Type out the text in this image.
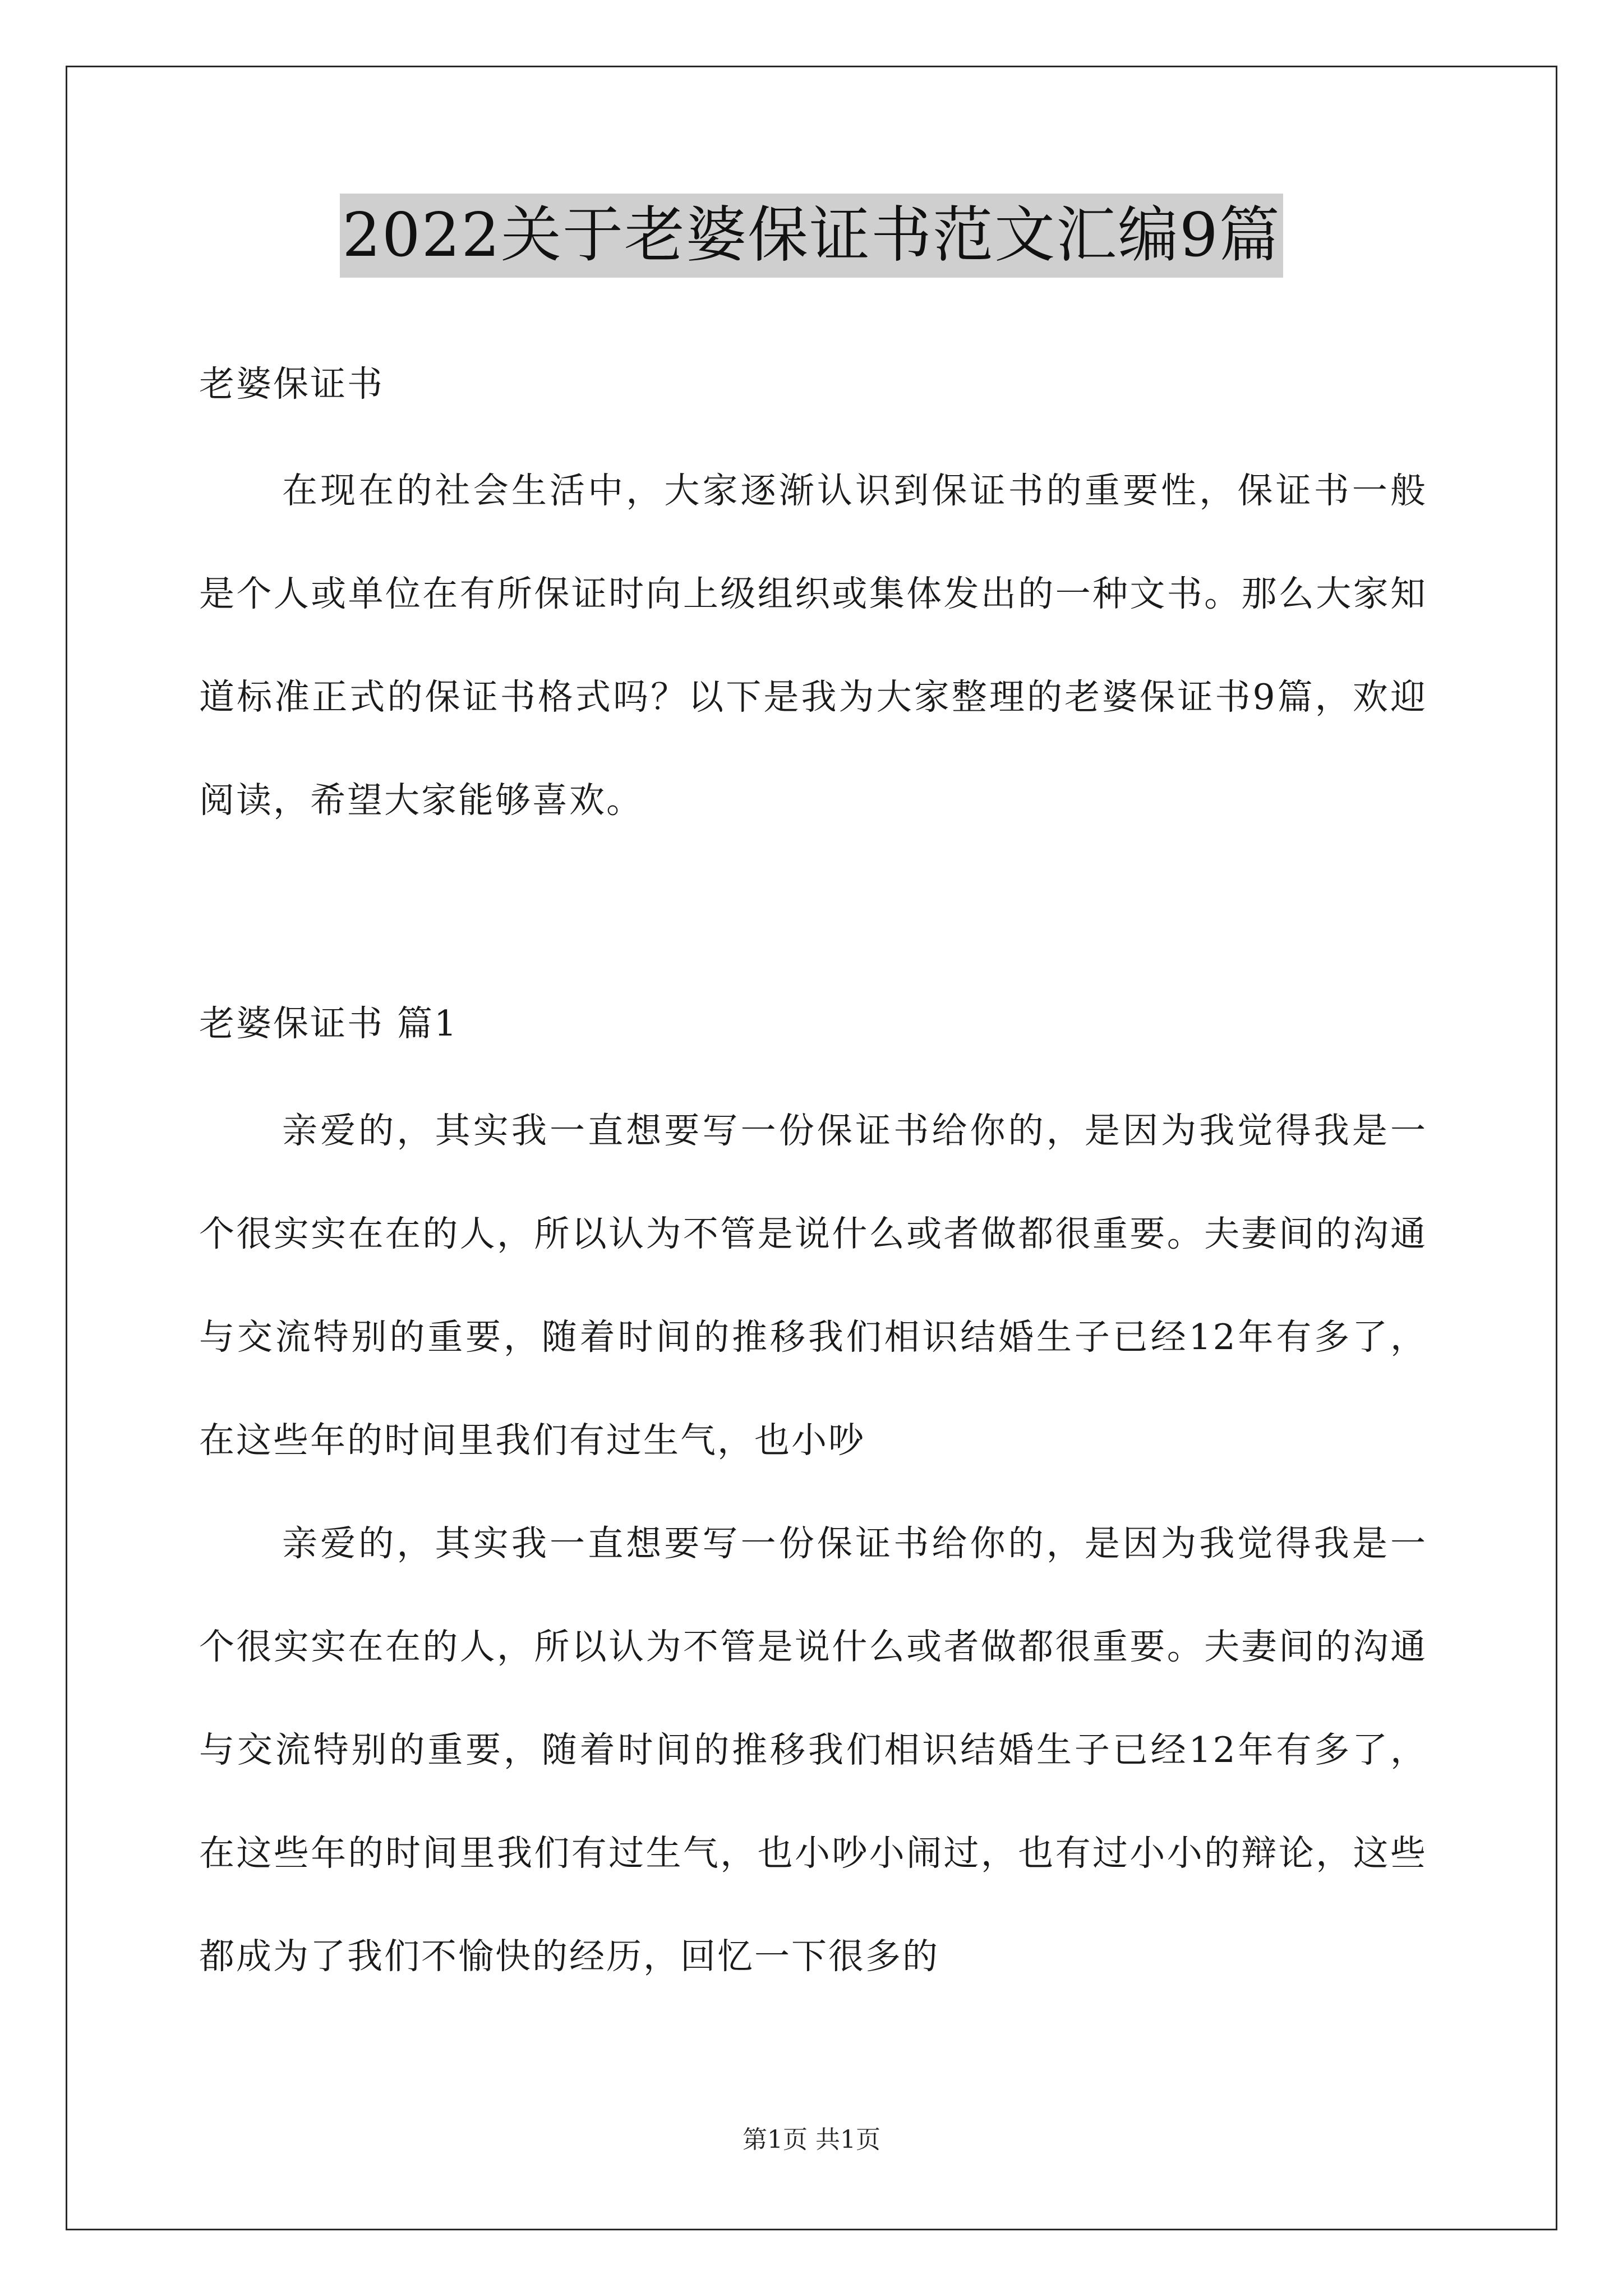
2022关于老婆保证书范文汇编9篇
老婆保证书
在现在的社会生活中，大家逐渐认识到保证书的重要性，保证书一般是个人或单位在有所保证时向上级组织或集体发出的一种文书。那么大家知道标准正式的保证书格式吗？以下是我为大家整理的老婆保证书9篇，欢迎阅读，希望大家能够喜欢。
老婆保证书 篇1
亲爱的，其实我一直想要写一份保证书给你的，是因为我觉得我是一个很实实在在的人，所以认为不管是说什么或者做都很重要。夫妻间的沟通与交流特别的重要，随着时间的推移我们相识结婚生子已经12年有多了，在这些年的时间里我们有过生气，也小吵
亲爱的，其实我一直想要写一份保证书给你的，是因为我觉得我是一个很实实在在的人，所以认为不管是说什么或者做都很重要。夫妻间的沟通与交流特别的重要，随着时间的推移我们相识结婚生子已经12年有多了，在这些年的时间里我们有过生气，也小吵小闹过，也有过小小的辩论，这些都成为了我们不愉快的经历，回忆一下很多的
第1页 共1页
